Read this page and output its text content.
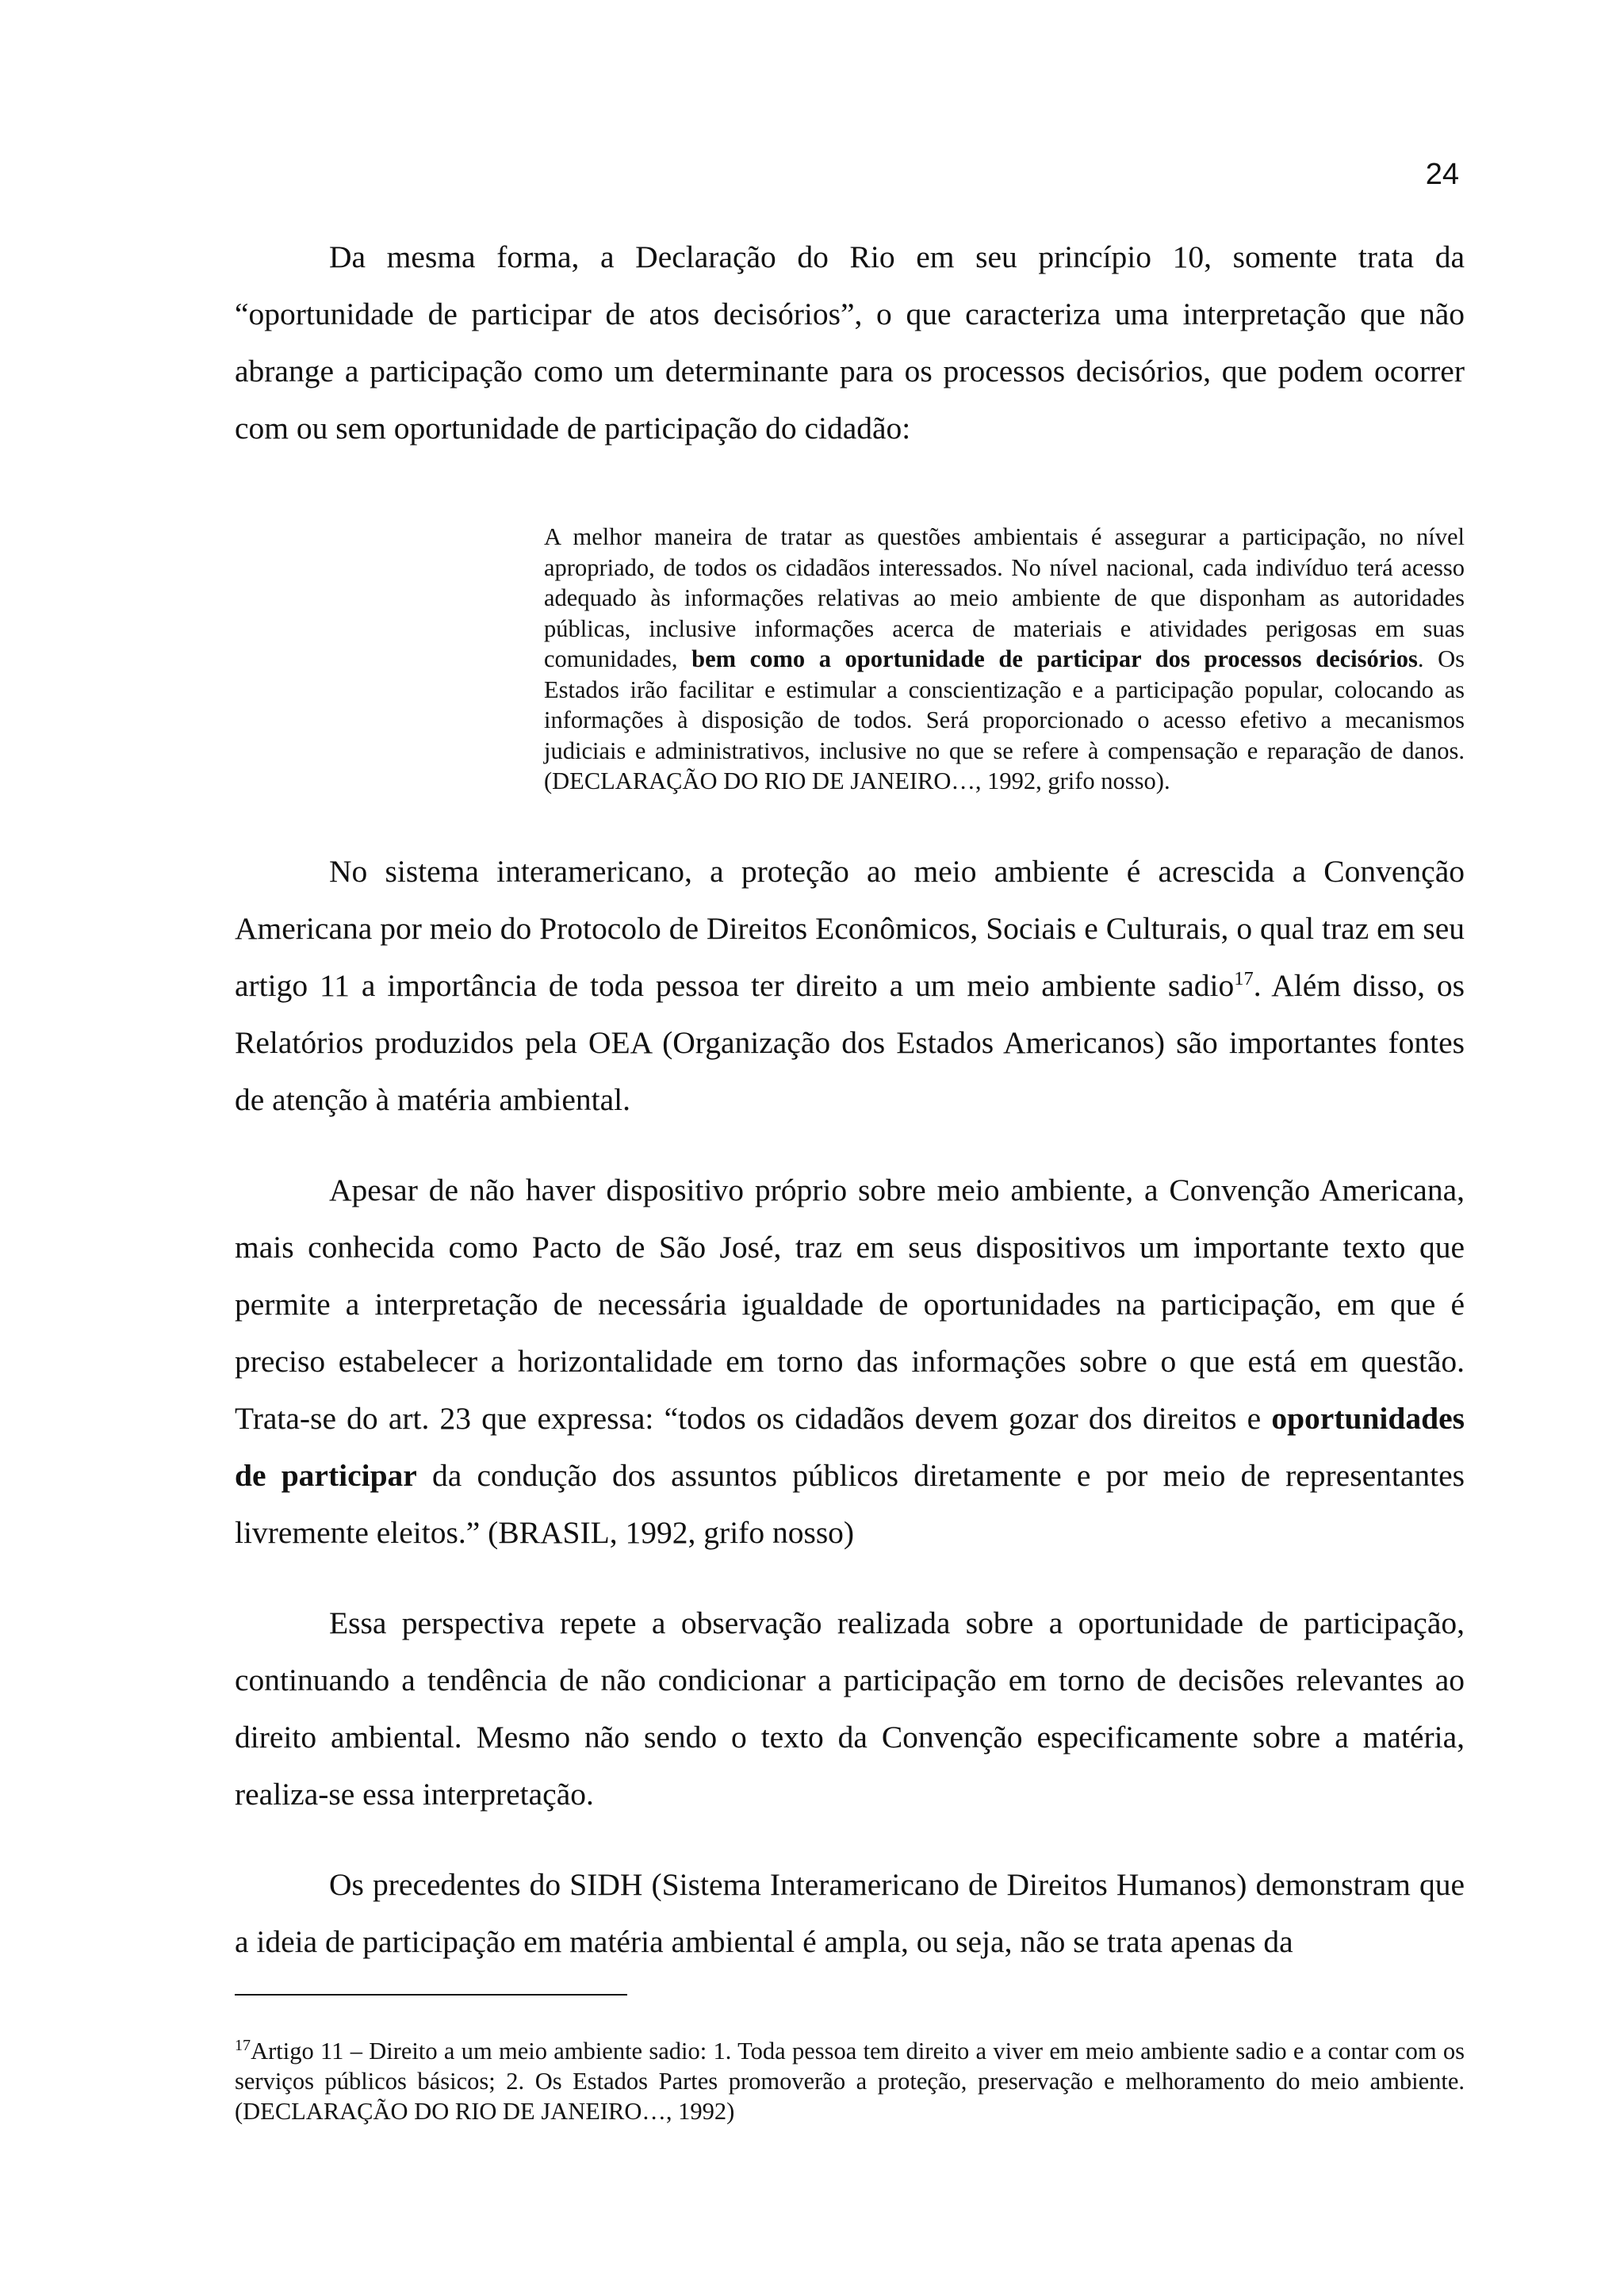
24

Da mesma forma, a Declaração do Rio em seu princípio 10, somente trata da “oportunidade de participar de atos decisórios”, o que caracteriza uma interpretação que não abrange a participação como um determinante para os processos decisórios, que podem ocorrer com ou sem oportunidade de participação do cidadão:

A melhor maneira de tratar as questões ambientais é assegurar a participação, no nível apropriado, de todos os cidadãos interessados. No nível nacional, cada indivíduo terá acesso adequado às informações relativas ao meio ambiente de que disponham as autoridades públicas, inclusive informações acerca de materiais e atividades perigosas em suas comunidades, bem como a oportunidade de participar dos processos decisórios. Os Estados irão facilitar e estimular a conscientização e a participação popular, colocando as informações à disposição de todos. Será proporcionado o acesso efetivo a mecanismos judiciais e administrativos, inclusive no que se refere à compensação e reparação de danos. (DECLARAÇÃO DO RIO DE JANEIRO…, 1992, grifo nosso).

No sistema interamericano, a proteção ao meio ambiente é acrescida a Convenção Americana por meio do Protocolo de Direitos Econômicos, Sociais e Culturais, o qual traz em seu artigo 11 a importância de toda pessoa ter direito a um meio ambiente sadio$^{17}$. Além disso, os Relatórios produzidos pela OEA (Organização dos Estados Americanos) são importantes fontes de atenção à matéria ambiental.

Apesar de não haver dispositivo próprio sobre meio ambiente, a Convenção Americana, mais conhecida como Pacto de São José, traz em seus dispositivos um importante texto que permite a interpretação de necessária igualdade de oportunidades na participação, em que é preciso estabelecer a horizontalidade em torno das informações sobre o que está em questão. Trata-se do art. 23 que expressa: “todos os cidadãos devem gozar dos direitos e oportunidades de participar da condução dos assuntos públicos diretamente e por meio de representantes livremente eleitos.” (BRASIL, 1992, grifo nosso)

Essa perspectiva repete a observação realizada sobre a oportunidade de participação, continuando a tendência de não condicionar a participação em torno de decisões relevantes ao direito ambiental. Mesmo não sendo o texto da Convenção especificamente sobre a matéria, realiza-se essa interpretação.

Os precedentes do SIDH (Sistema Interamericano de Direitos Humanos) demonstram que a ideia de participação em matéria ambiental é ampla, ou seja, não se trata apenas da

$^{17}$Artigo 11 – Direito a um meio ambiente sadio: 1. Toda pessoa tem direito a viver em meio ambiente sadio e a contar com os serviços públicos básicos; 2. Os Estados Partes promoverão a proteção, preservação e melhoramento do meio ambiente. (DECLARAÇÃO DO RIO DE JANEIRO…, 1992)
